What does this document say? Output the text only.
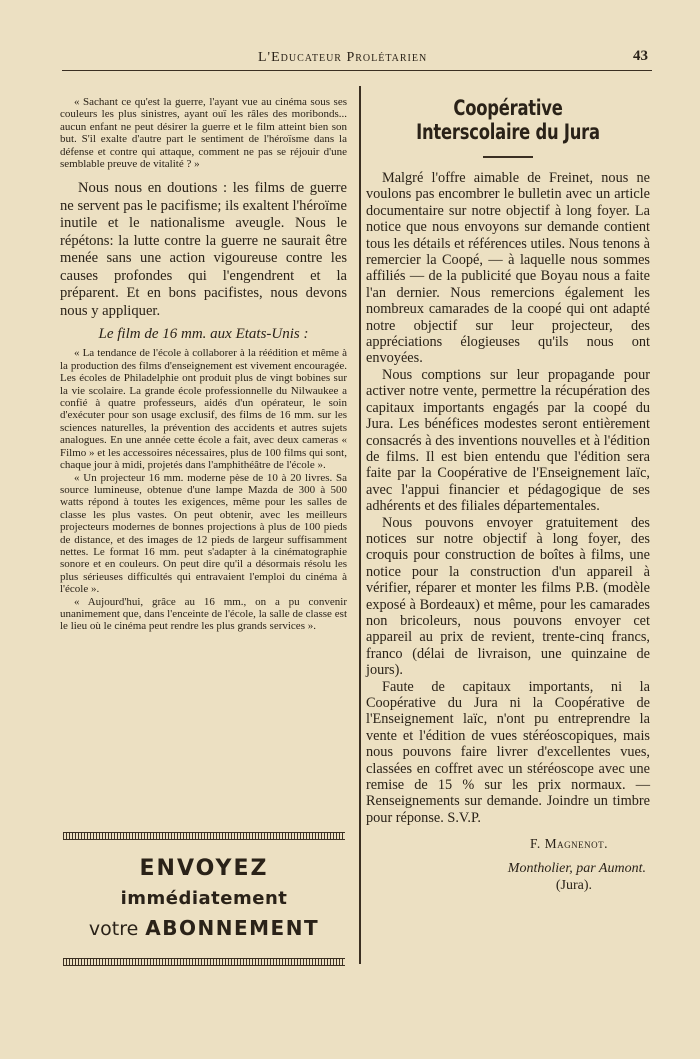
L'Educateur Prolétarien	43

« Sachant ce qu'est la guerre, l'ayant vue au cinéma sous ses couleurs les plus sinistres, ayant ouï les râles des moribonds... aucun enfant ne peut désirer la guerre et le film atteint bien son but. S'il exalte d'autre part le sentiment de l'héroïsme dans la défense et contre qui attaque, comment ne pas se réjouir d'une semblable preuve de vitalité ? »

Nous nous en doutions : les films de guerre ne servent pas le pacifisme; ils exaltent l'héroïme inutile et le nationalisme aveugle. Nous le répétons: la lutte contre la guerre ne saurait être menée sans une action vigoureuse contre les causes profondes qui l'engendrent et la préparent. Et en bons pacifistes, nous devons nous y appliquer.

Le film de 16 mm. aux Etats-Unis :

« La tendance de l'école à collaborer à la réédition et même à la production des films d'enseignement est vivement encouragée. Les écoles de Philadelphie ont produit plus de vingt bobines sur la vie scolaire. La grande école professionnelle du Nilwaukee a confié à quatre professeurs, aidés d'un opérateur, le soin d'exécuter pour son usage exclusif, des films de 16 mm. sur les sciences naturelles, la prévention des accidents et autres sujets analogues. En une année cette école a fait, avec deux cameras « Filmo » et les accessoires nécessaires, plus de 100 films qui sont, chaque jour à midi, projetés dans l'amphithéâtre de l'école ».

« Un projecteur 16 mm. moderne pèse de 10 à 20 livres. Sa source lumineuse, obtenue d'une lampe Mazda de 300 à 500 watts répond à toutes les exigences, même pour les salles de classe les plus vastes. On peut obtenir, avec les meilleurs projecteurs modernes de bonnes projections à plus de 100 pieds de distance, et des images de 12 pieds de largeur suffisamment nettes. Le format 16 mm. peut s'adapter à la cinématographie sonore et en couleurs. On peut dire qu'il a désormais résolu les plus sérieuses difficultés qui entravaient l'emploi du cinéma à l'école ».

« Aujourd'hui, grâce au 16 mm., on a pu convenir unanimement que, dans l'enceinte de l'école, la salle de classe est le lieu où le cinéma peut rendre les plus grands services ».

ENVOYEZ
immédiatement
votre ABONNEMENT
Coopérative Interscolaire du Jura

Malgré l'offre aimable de Freinet, nous ne voulons pas encombrer le bulletin avec un article documentaire sur notre objectif à long foyer. La notice que nous envoyons sur demande contient tous les détails et références utiles. Nous tenons à remercier la Coopé, — à laquelle nous sommes affiliés — de la publicité que Boyau nous a faite l'an dernier. Nous remercions également les nombreux camarades de la coopé qui ont adapté notre objectif sur leur projecteur, des appréciations élogieuses qu'ils nous ont envoyées.

Nous comptions sur leur propagande pour activer notre vente, permettre la récupération des capitaux importants engagés par la coopé du Jura. Les bénéfices modestes seront entièrement consacrés à des inventions nouvelles et à l'édition de films. Il est bien entendu que l'édition sera faite par la Coopérative de l'Enseignement laïc, avec l'appui financier et pédagogique de ses adhérents et des filiales départementales.

Nous pouvons envoyer gratuitement des notices sur notre objectif à long foyer, des croquis pour construction de boîtes à films, une notice pour la construction d'un appareil à vérifier, réparer et monter les films P.B. (modèle exposé à Bordeaux) et même, pour les camarades non bricoleurs, nous pouvons envoyer cet appareil au prix de revient, trente-cinq francs, franco (délai de livraison, une quinzaine de jours).

Faute de capitaux importants, ni la Coopérative du Jura ni la Coopérative de l'Enseignement laïc, n'ont pu entreprendre la vente et l'édition de vues stéréoscopiques, mais nous pouvons faire livrer d'excellentes vues, classées en coffret avec un stéréoscope avec une remise de 15 % sur les prix normaux. — Renseignements sur demande. Joindre un timbre pour réponse. S.V.P.

F. Magnenot.

Montholier, par Aumont.

(Jura).
